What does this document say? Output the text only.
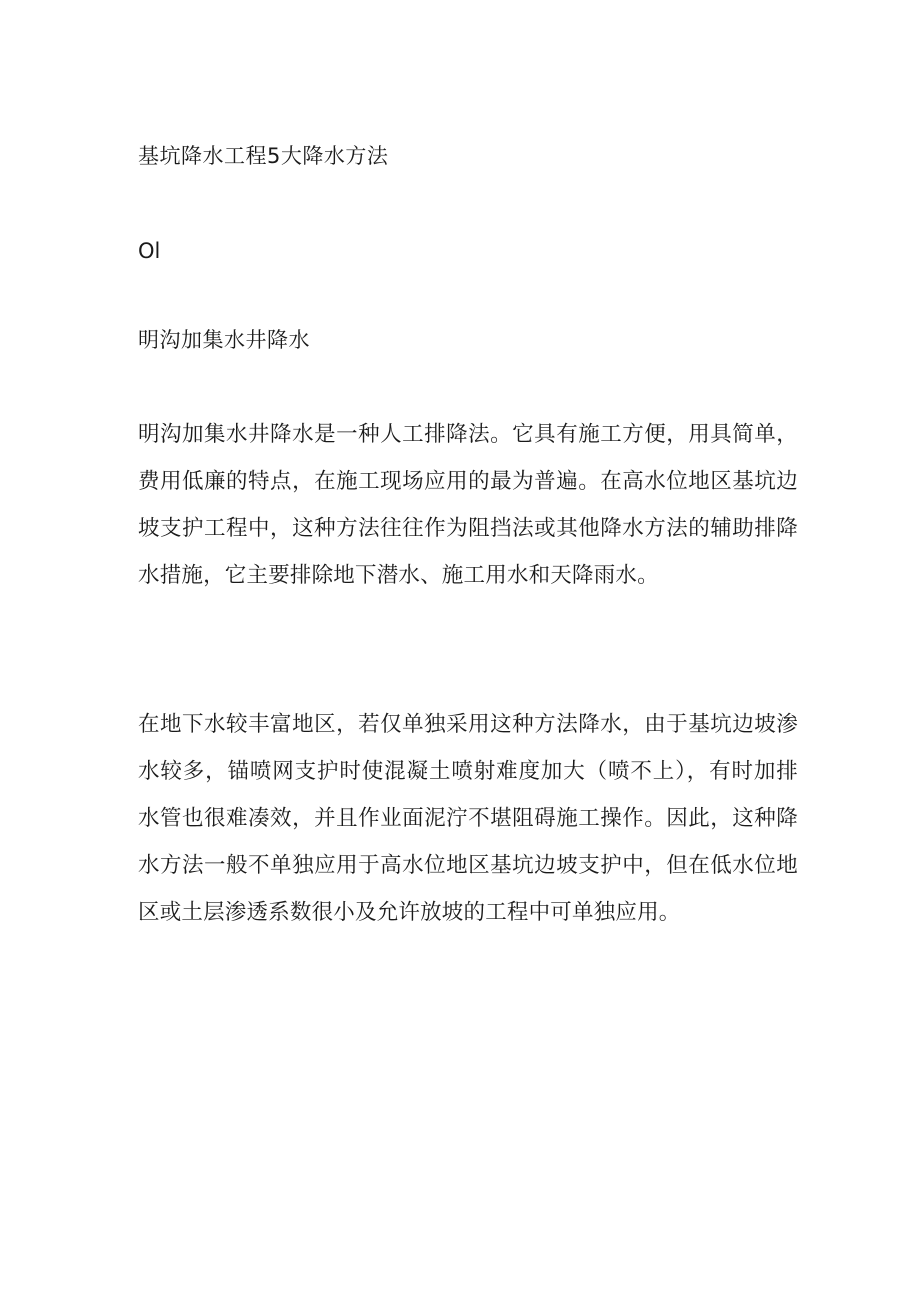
基坑降水工程5大降水方法
Ol
明沟加集水井降水

明沟加集水井降水是一种人工排降法。它具有施工方便，用具简单，费用低廉的特点，在施工现场应用的最为普遍。在高水位地区基坑边坡支护工程中，这种方法往往作为阻挡法或其他降水方法的辅助排降水措施，它主要排除地下潜水、施工用水和天降雨水。

在地下水较丰富地区，若仅单独采用这种方法降水，由于基坑边坡渗水较多，锚喷网支护时使混凝土喷射难度加大（喷不上），有时加排水管也很难凑效，并且作业面泥泞不堪阻碍施工操作。因此，这种降水方法一般不单独应用于高水位地区基坑边坡支护中，但在低水位地区或土层渗透系数很小及允许放坡的工程中可单独应用。
